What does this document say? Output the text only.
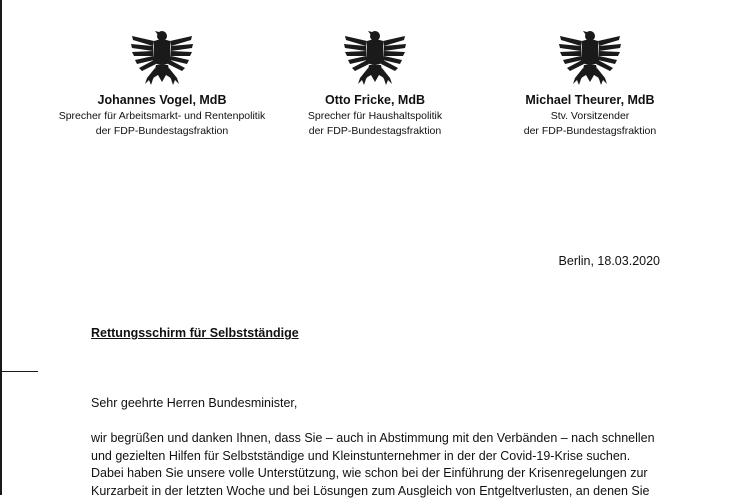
Johannes Vogel, MdB
Sprecher für Arbeitsmarkt- und Rentenpolitik
der FDP-Bundestagsfraktion
Otto Fricke, MdB
Sprecher für Haushaltspolitik
der FDP-Bundestagsfraktion
Michael Theurer, MdB
Stv. Vorsitzender
der FDP-Bundestagsfraktion
Berlin, 18.03.2020
Rettungsschirm für Selbstständige
Sehr geehrte Herren Bundesminister,

wir begrüßen und danken Ihnen, dass Sie – auch in Abstimmung mit den Verbänden – nach schnellen und gezielten Hilfen für Selbstständige und Kleinstunternehmer in der der Covid-19-Krise suchen. Dabei haben Sie unsere volle Unterstützung, wie schon bei der Einführung der Krisenregelungen zur Kurzarbeit in der letzten Woche und bei Lösungen zum Ausgleich von Entgeltverlusten, an denen Sie
